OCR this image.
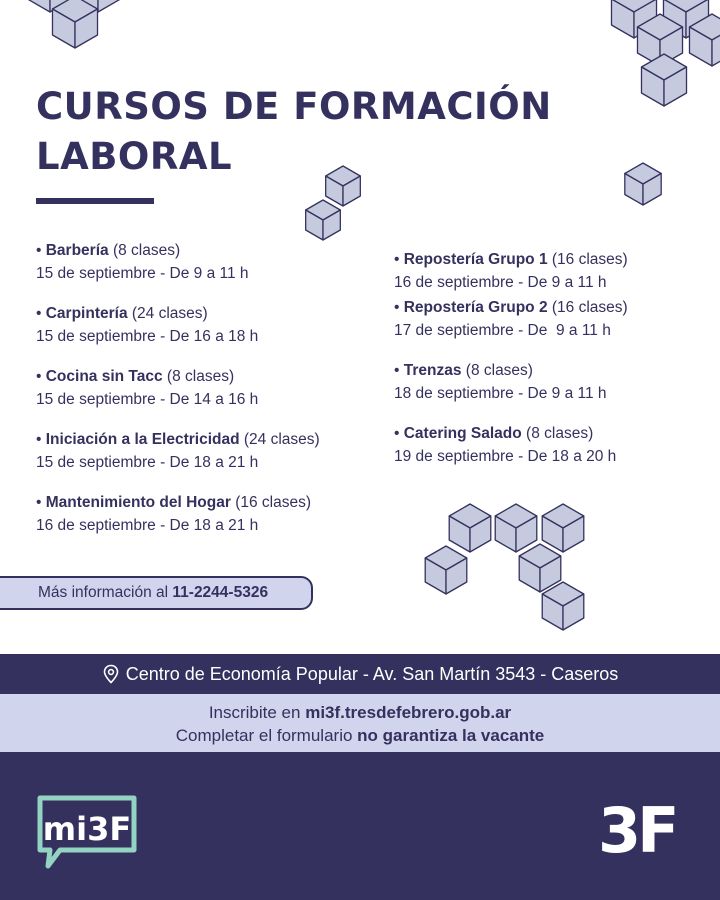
CURSOS DE FORMACIÓN
LABORAL
• Barbería (8 clases)
15 de septiembre - De 9 a 11 h
• Carpintería (24 clases)
15 de septiembre - De 16 a 18 h
• Cocina sin Tacc (8 clases)
15 de septiembre - De 14 a 16 h
• Iniciación a la Electricidad (24 clases)
15 de septiembre - De 18 a 21 h
• Mantenimiento del Hogar (16 clases)
16 de septiembre - De 18 a 21 h
• Repostería Grupo 1 (16 clases)
16 de septiembre - De 9 a 11 h
• Repostería Grupo 2 (16 clases)
17 de septiembre - De  9 a 11 h
• Trenzas (8 clases)
18 de septiembre - De 9 a 11 h
• Catering Salado (8 clases)
19 de septiembre - De 18 a 20 h
Más información al 11-2244-5326
Centro de Economía Popular - Av. San Martín 3543 - Caseros
Inscribite en mi3f.tresdefebrero.gob.ar
Completar el formulario no garantiza la vacante
mi3F	3F
